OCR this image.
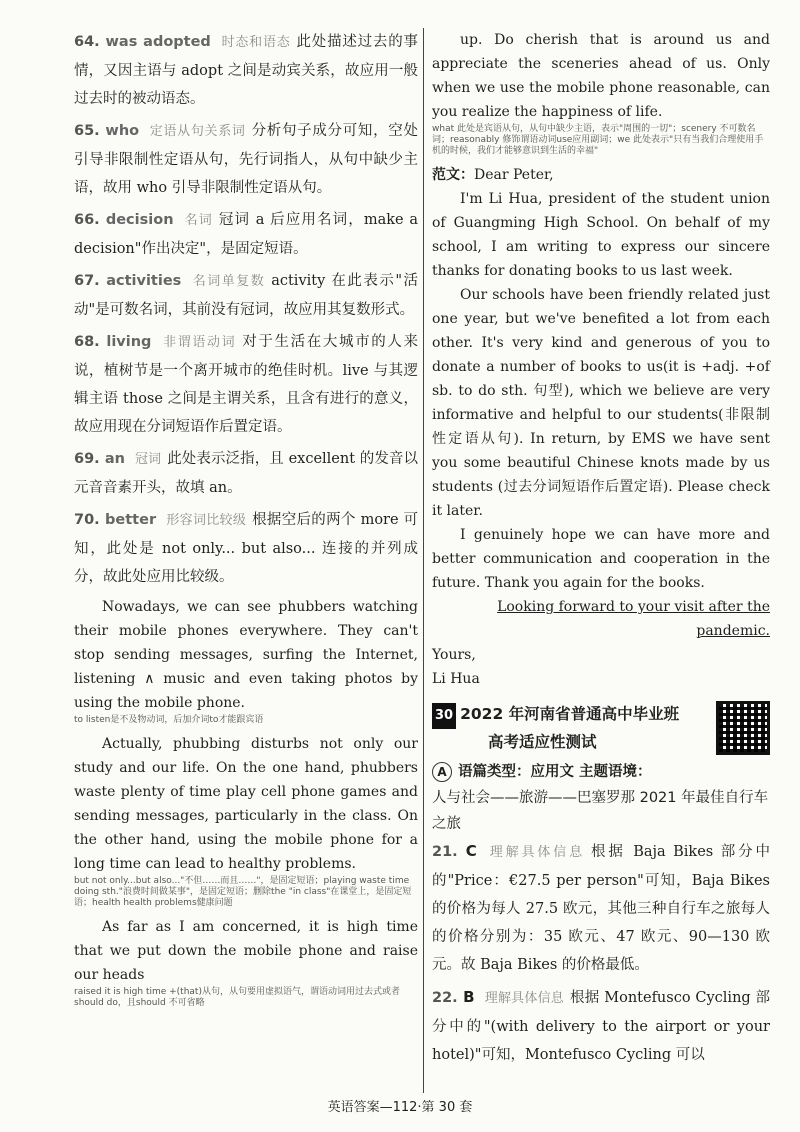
64. was adopted 时态和语态 此处描述过去的事情，又因主语与 adopt 之间是动宾关系，故应用一般过去时的被动语态。
65. who 定语从句关系词 分析句子成分可知，空处引导非限制性定语从句，先行词指人，从句中缺少主语，故用 who 引导非限制性定语从句。
66. decision 名词 冠词 a 后应用名词，make a decision"作出决定"，是固定短语。
67. activities 名词单复数 activity 在此表示"活动"是可数名词，其前没有冠词，故应用其复数形式。
68. living 非谓语动词 对于生活在大城市的人来说，植树节是一个离开城市的绝佳时机。live 与其逻辑主语 those 之间是主谓关系，且含有进行的意义，故应用现在分词短语作后置定语。
69. an 冠词 此处表示泛指，且 excellent 的发音以元音音素开头，故填 an。
70. better 形容词比较级 根据空后的两个 more 可知，此处是 not only... but also... 连接的并列成分，故此处应用比较级。

Nowadays, we can see phubbers watching their mobile phones everywhere. They can't stop sending messages, surfing the Internet, listening ∧ music and even taking photos by using the mobile phone.

to listen是不及物动词，后加介词to才能跟宾语

Actually, phubbing disturbs not only our study and our life. On the one hand, phubbers waste plenty of time play cell phone games and sending messages, particularly in the class. On the other hand, using the mobile phone for a long time can lead to healthy problems.

but not only...but also..."不但……而且……"，是固定短语；playing waste time doing sth."浪费时间做某事"，是固定短语；删除the "in class"在课堂上，是固定短语；health health problems健康问题

As far as I am concerned, it is high time that we put down the mobile phone and raise our heads

raised it is high time +(that)从句，从句要用虚拟语气，谓语动词用过去式或者should do，且should 不可省略

up. Do cherish that is around us and appreciate the sceneries ahead of us. Only when we use the mobile phone reasonable, can you realize the happiness of life.

what 此处是宾语从句，从句中缺少主语，表示"周围的一切"；scenery 不可数名词；reasonably 修饰谓语动词use应用副词；we 此处表示"只有当我们合理使用手机的时候，我们才能够意识到生活的幸福"

范文：Dear Peter,

I'm Li Hua, president of the student union of Guangming High School. On behalf of my school, I am writing to express our sincere thanks for donating books to us last week.

Our schools have been friendly related just one year, but we've benefited a lot from each other. It's very kind and generous of you to donate a number of books to us(it is +adj. +of sb. to do sth. 句型), which we believe are very informative and helpful to our students(非限制性定语从句). In return, by EMS we have sent you some beautiful Chinese knots made by us students (过去分词短语作后置定语). Please check it later.

I genuinely hope we can have more and better communication and cooperation in the future. Thank you again for the books.

Looking forward to your visit after the pandemic.

Yours,

Li Hua

30 2022 年河南省普通高中毕业班
高考适应性测试
A 语篇类型：应用文 主题语境：
人与社会——旅游——巴塞罗那 2021 年最佳自行车之旅
21. C 理解具体信息 根据 Baja Bikes 部分中的"Price：€27.5 per person"可知，Baja Bikes 的价格为每人 27.5 欧元，其他三种自行车之旅每人的价格分别为：35 欧元、47 欧元、90—130 欧元。故 Baja Bikes 的价格最低。
22. B 理解具体信息 根据 Montefusco Cycling 部分中的"(with delivery to the airport or your hotel)"可知，Montefusco Cycling 可以
英语答案—112·第 30 套
